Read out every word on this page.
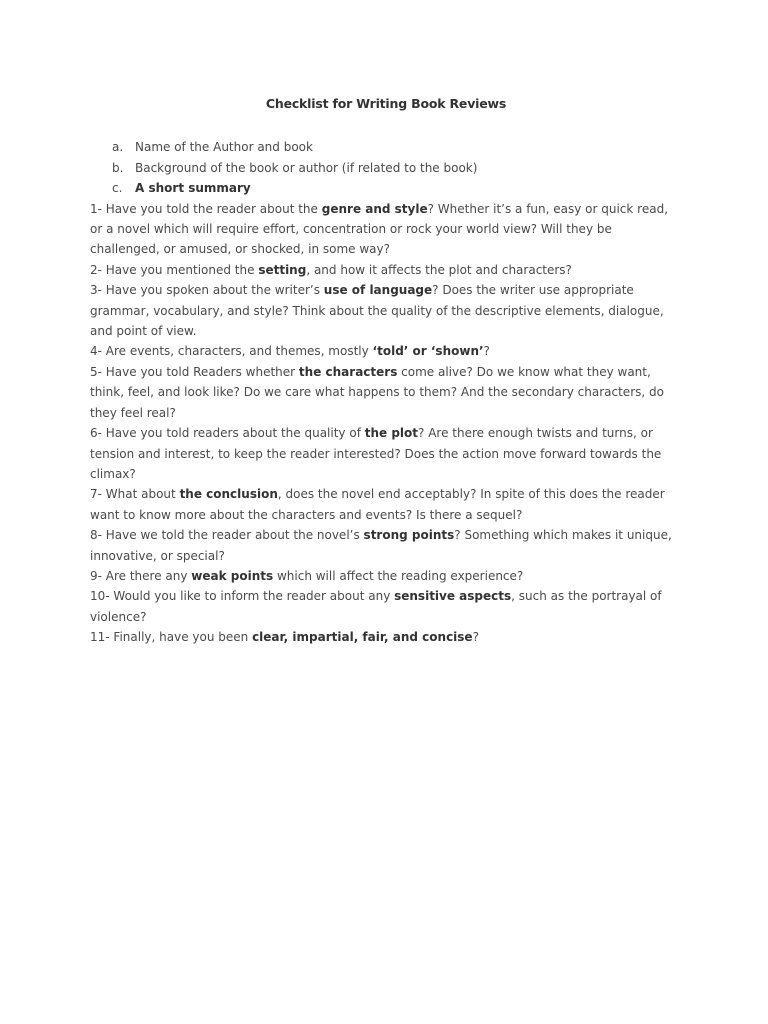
Checklist for Writing Book Reviews
a. Name of the Author and book
b. Background of the book or author (if related to the book)
c.	A short summary

1- Have you told the reader about the genre and style? Whether it’s a fun, easy or quick read, or a novel which will require effort, concentration or rock your world view? Will they be challenged, or amused, or shocked, in some way?

2- Have you mentioned the setting, and how it affects the plot and characters?

3- Have you spoken about the writer’s use of language? Does the writer use appropriate grammar, vocabulary, and style? Think about the quality of the descriptive elements, dialogue, and point of view.

4- Are events, characters, and themes, mostly ‘told’ or ‘shown’?

5- Have you told Readers whether the characters come alive? Do we know what they want, think, feel, and look like? Do we care what happens to them? And the secondary characters, do they feel real?

6- Have you told readers about the quality of the plot? Are there enough twists and turns, or tension and interest, to keep the reader interested? Does the action move forward towards the climax?

7- What about the conclusion, does the novel end acceptably? In spite of this does the reader want to know more about the characters and events? Is there a sequel?

8- Have we told the reader about the novel’s strong points? Something which makes it unique, innovative, or special?

9- Are there any weak points which will affect the reading experience?

10- Would you like to inform the reader about any sensitive aspects, such as the portrayal of violence?

11- Finally, have you been clear, impartial, fair, and concise?
